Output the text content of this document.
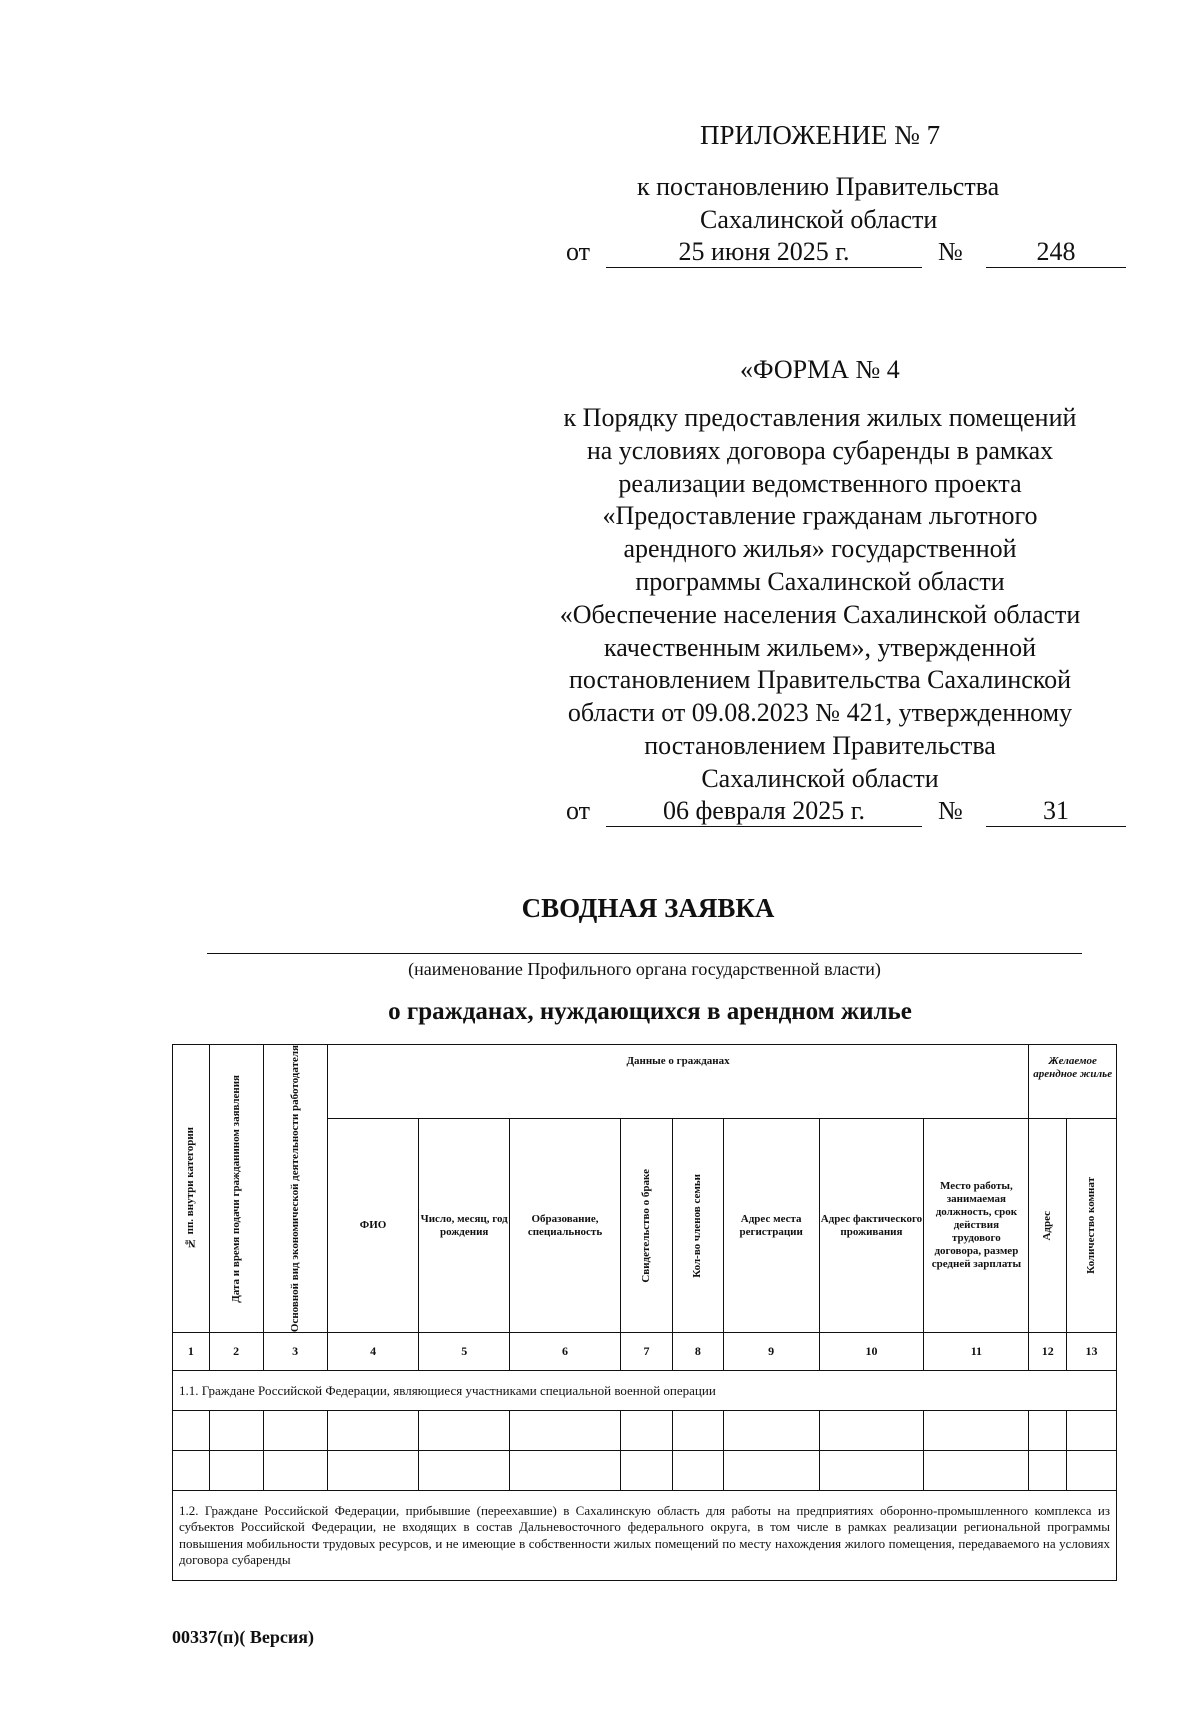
ПРИЛОЖЕНИЕ № 7
к постановлению Правительства
Сахалинской области
от	25 июня 2025 г.	№	248
«ФОРМА № 4
к Порядку предоставления жилых помещений
на условиях договора субаренды в рамках
реализации ведомственного проекта
«Предоставление гражданам льготного
арендного жилья» государственной
программы Сахалинской области
«Обеспечение населения Сахалинской области
качественным жильем», утвержденной
постановлением Правительства Сахалинской
области от 09.08.2023 № 421, утвержденному
постановлением Правительства
Сахалинской области
от	06 февраля 2025 г.	№	31
СВОДНАЯ ЗАЯВКА
(наименование Профильного органа государственной власти)
о гражданах, нуждающихся в арендном жилье
№ пп. внутри категории	Дата и время подачи гражданином заявления	Основной вид экономической деятельности работодателя	Данные о гражданах								Желаемое арендное жилье	
			ФИО	Число, месяц, год рождения	Образование, специальность	Свидетельство о браке	Кол-во членов семьи	Адрес места регистрации	Адрес фактического проживания	Место работы, занимаемая должность, срок действия трудового договора, размер средней зарплаты	Адрес	Количество комнат

1	2	3	4	5	6	7	8	9	10	11	12	13
1.1. Граждане Российской Федерации, являющиеся участниками специальной военной операции												

1.2. Граждане Российской Федерации, прибывшие (переехавшие) в Сахалинскую область для работы на предприятиях оборонно-промышленного комплекса из субъектов Российской Федерации, не входящих в состав Дальневосточного федерального округа, в том числе в рамках реализации региональной программы повышения мобильности трудовых ресурсов, и не имеющие в собственности жилых помещений по месту нахождения жилого помещения, передаваемого на условиях договора субаренды												
00337(п)( Версия)
